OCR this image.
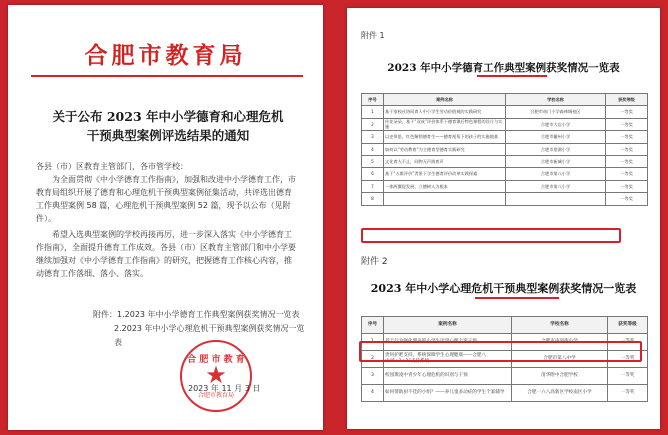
合肥市教育局
关于公布 2023 年中小学德育和心理危机
干预典型案例评选结果的通知

各县（市）区教育主管部门，各市管学校：

为全面贯彻《中小学德育工作指南》，加强和改进中小学德育工作，市教育局组织开展了德育和心理危机干预典型案例征集活动，共评选出德育工作典型案例 58 篇，心理危机干预典型案例 52 篇，现予以公布（见附件）。

希望入选典型案例的学校再接再厉，进一步深入落实《中小学德育工作指南》，全面提升德育工作成效。各县（市）区教育主管部门和中小学要继续加强对《中小学德育工作指南》的研究，把握德育工作核心内容，推动德育工作落细、落小、落实。

附件：1.2023 年中小学德育工作典型案例获奖情况一览表

2.2023 年中小学心理危机干预典型案例获奖情况一览表

合 肥 市 教 育
★
合肥市教育局
2023 年 11 月 3 日
附件 1
2023 年中小学德育工作典型案例获奖情况一览表
序号	案例名称	学校名称	获奖等级
1	基于家校社协同育人中小学生劳动价值观的实践研究	合肥市南门小学森林城校区	一等奖
2	传花朵朵，基于“双成”评价体系下德育课后特色课程的设计与实施	合肥市大店小学	一等奖
3	以史带思，红色解锁德育生——德育视角下的孩子的实施地基	合肥市徽州小学	一等奖
4	如何以“劳动教育”为主德育型德育实践研究	合肥市望湖小学	一等奖
5	文化育人不止，同物无声润育声	合肥市新城小学	一等奖
6	基于“五维评价”背景下学生德育评价改革实践探索	合肥市第八小学	一等奖
7	一体两翼促发展，立德树人为根本	合肥市第八小学	一等奖
8			一等奖
附件 2
2023 年中小学心理危机干预典型案例获奖情况一览表
序号	案例名称	学校名称	获奖等级
1	基于行为强化理论的小学生厌学心理个案干预	合肥市南园街小学	一等奖
2	贵何护吧支持，系统保障学生心理健康——合肥八中“6+1+2”支持系统	合肥市第八中学	一等奖
3	校园欺凌中青少年心理危机的识别与干预	清华附中合肥学校	一等奖
4	如何帮助厨不佳的小组？——养儿童多动症的学生个案辅导	合肥一六八高新区学校南区小学	一等奖
